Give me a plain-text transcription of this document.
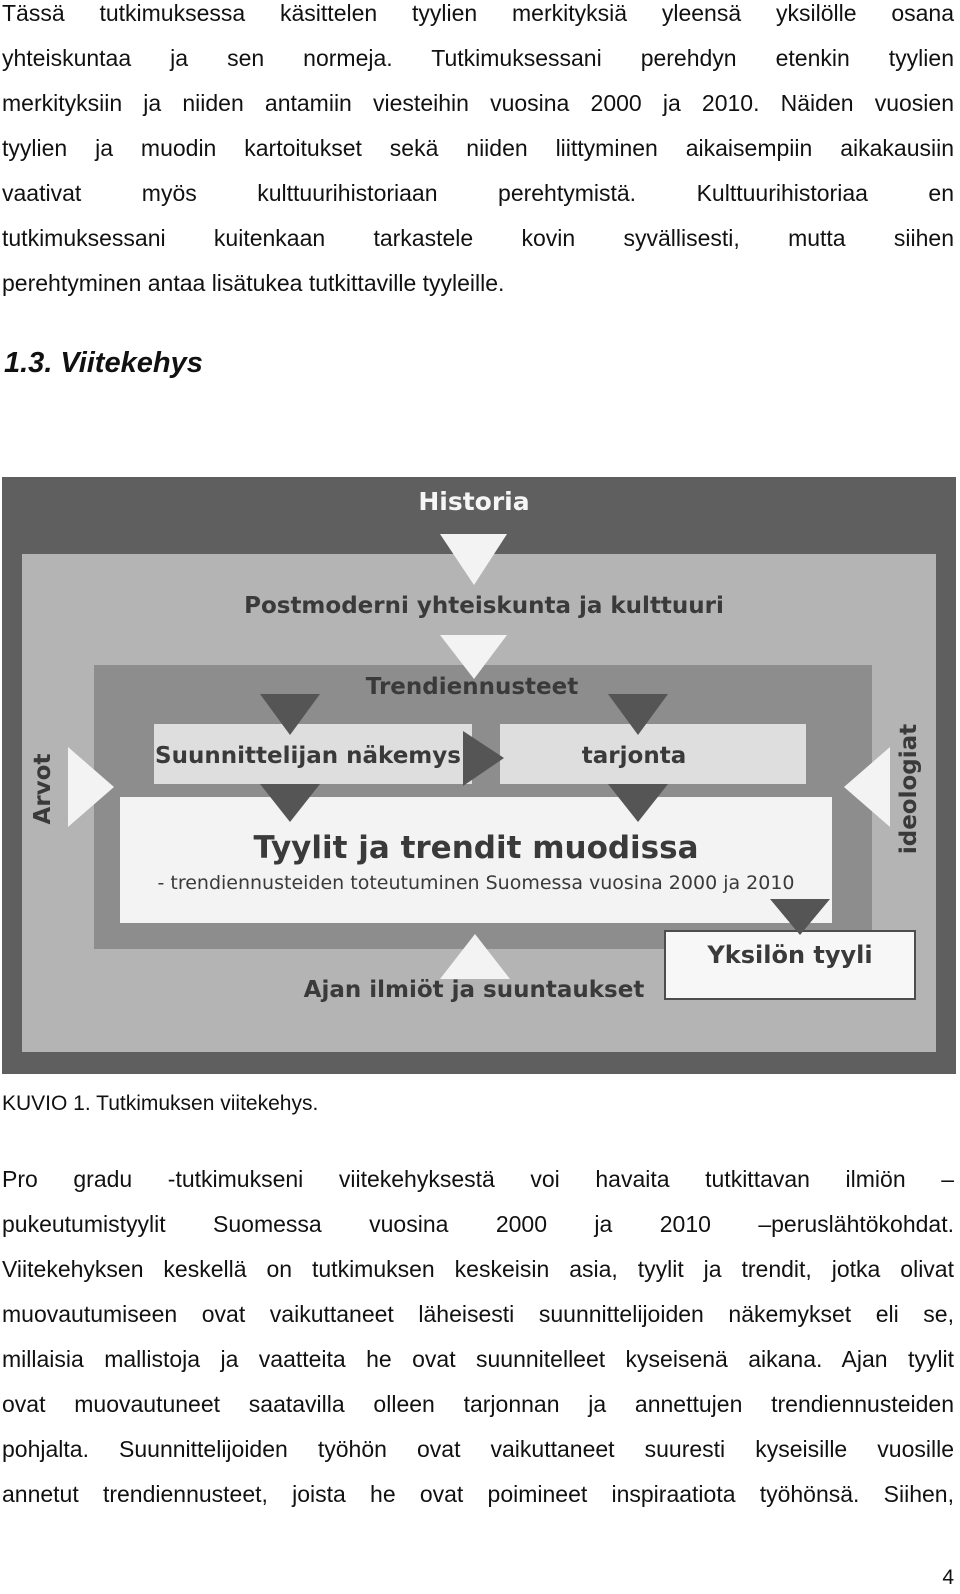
Tässä tutkimuksessa käsittelen tyylien merkityksiä yleensä yksilölle osana
yhteiskuntaa ja sen normeja. Tutkimuksessani perehdyn etenkin tyylien
merkityksiin ja niiden antamiin viesteihin vuosina 2000 ja 2010. Näiden vuosien
tyylien ja muodin kartoitukset sekä niiden liittyminen aikaisempiin aikakausiin
vaativat myös kulttuurihistoriaan perehtymistä. Kulttuurihistoriaa en
tutkimuksessani kuitenkaan tarkastele kovin syvällisesti, mutta siihen
perehtyminen antaa lisätukea tutkittaville tyyleille.

1.3. Viitekehys
Historia
Postmoderni yhteiskunta ja kulttuuri
Trendiennusteet
Suunnittelijan näkemys	tarjonta
Arvot	ideologiat
Tyylit ja trendit muodissa
- trendiennusteiden toteutuminen Suomessa vuosina 2000 ja 2010
Yksilön tyyli
Ajan ilmiöt ja suuntaukset

KUVIO 1. Tutkimuksen viitekehys.

Pro gradu -tutkimukseni viitekehyksestä voi havaita tutkittavan ilmiön –
pukeutumistyylit Suomessa vuosina 2000 ja 2010 –peruslähtökohdat.
Viitekehyksen keskellä on tutkimuksen keskeisin asia, tyylit ja trendit, jotka olivat
muovautumiseen ovat vaikuttaneet läheisesti suunnittelijoiden näkemykset eli se,
millaisia mallistoja ja vaatteita he ovat suunnitelleet kyseisenä aikana. Ajan tyylit
ovat muovautuneet saatavilla olleen tarjonnan ja annettujen trendiennusteiden
pohjalta. Suunnittelijoiden työhön ovat vaikuttaneet suuresti kyseisille vuosille
annetut trendiennusteet, joista he ovat poimineet inspiraatiota työhönsä. Siihen,

4
